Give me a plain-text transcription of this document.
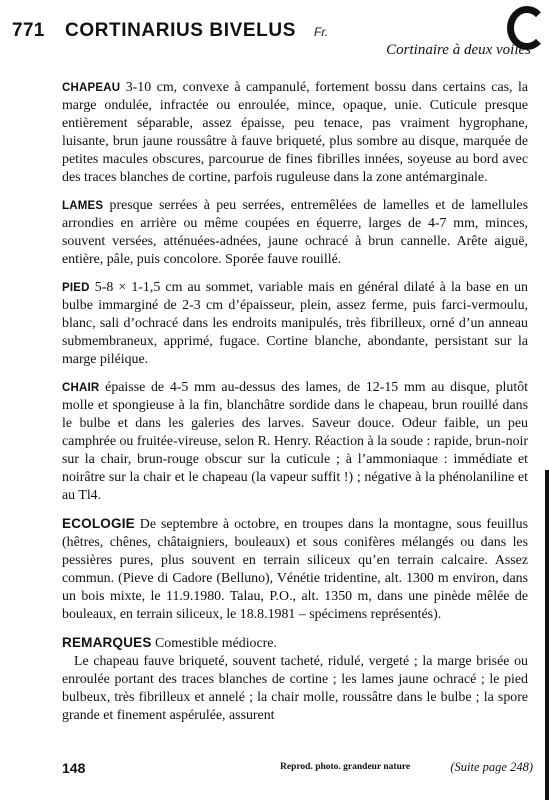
771 CORTINARIUS BIVELUS Fr.
Cortinaire à deux voiles

CHAPEAU 3-10 cm, convexe à campanulé, fortement bossu dans certains cas, la marge ondulée, infractée ou enroulée, mince, opaque, unie. Cuticule presque entièrement séparable, assez épaisse, peu tenace, pas vraiment hygrophane, luisante, brun jaune roussâtre à fauve briqueté, plus sombre au disque, marquée de petites macules obscures, parcourue de fines fibrilles innées, soyeuse au bord avec des traces blanches de cortine, parfois ruguleuse dans la zone antémarginale.

LAMES presque serrées à peu serrées, entremêlées de lamelles et de lamellules arrondies en arrière ou même coupées en équerre, larges de 4-7 mm, minces, souvent versées, atténuées-adnées, jaune ochracé à brun cannelle. Arête aiguë, entière, pâle, puis concolore. Sporée fauve rouillé.

PIED 5-8 × 1-1,5 cm au sommet, variable mais en général dilaté à la base en un bulbe immarginé de 2-3 cm d’épaisseur, plein, assez ferme, puis farci-vermoulu, blanc, sali d’ochracé dans les endroits manipulés, très fibrilleux, orné d’un anneau submembraneux, apprimé, fugace. Cortine blanche, abondante, persistant sur la marge piléique.

CHAIR épaisse de 4-5 mm au-dessus des lames, de 12-15 mm au disque, plutôt molle et spongieuse à la fin, blanchâtre sordide dans le chapeau, brun rouillé dans le bulbe et dans les galeries des larves. Saveur douce. Odeur faible, un peu camphrée ou fruitée-vireuse, selon R. Henry. Réaction à la soude : rapide, brun-noir sur la chair, brun-rouge obscur sur la cuticule ; à l’ammoniaque : immédiate et noirâtre sur la chair et le chapeau (la vapeur suffit !) ; négative à la phénolaniline et au Tl4.

ECOLOGIE De septembre à octobre, en troupes dans la montagne, sous feuillus (hêtres, chênes, châtaigniers, bouleaux) et sous conifères mélangés ou dans les pessières pures, plus souvent en terrain siliceux qu’en terrain calcaire. Assez commun. (Pieve di Cadore (Belluno), Vénétie tridentine, alt. 1300 m environ, dans un bois mixte, le 11.9.1980. Talau, P.O., alt. 1350 m, dans une pinède mêlée de bouleaux, en terrain siliceux, le 18.8.1981 – spécimens représentés).

REMARQUES Comestible médiocre.

Le chapeau fauve briqueté, souvent tacheté, ridulé, vergeté ; la marge brisée ou enroulée portant des traces blanches de cortine ; les lames jaune ochracé ; le pied bulbeux, très fibrilleux et annelé ; la chair molle, roussâtre dans le bulbe ; la spore grande et finement aspérulée, assurent

148	Reprod. photo. grandeur nature	(Suite page 248)
